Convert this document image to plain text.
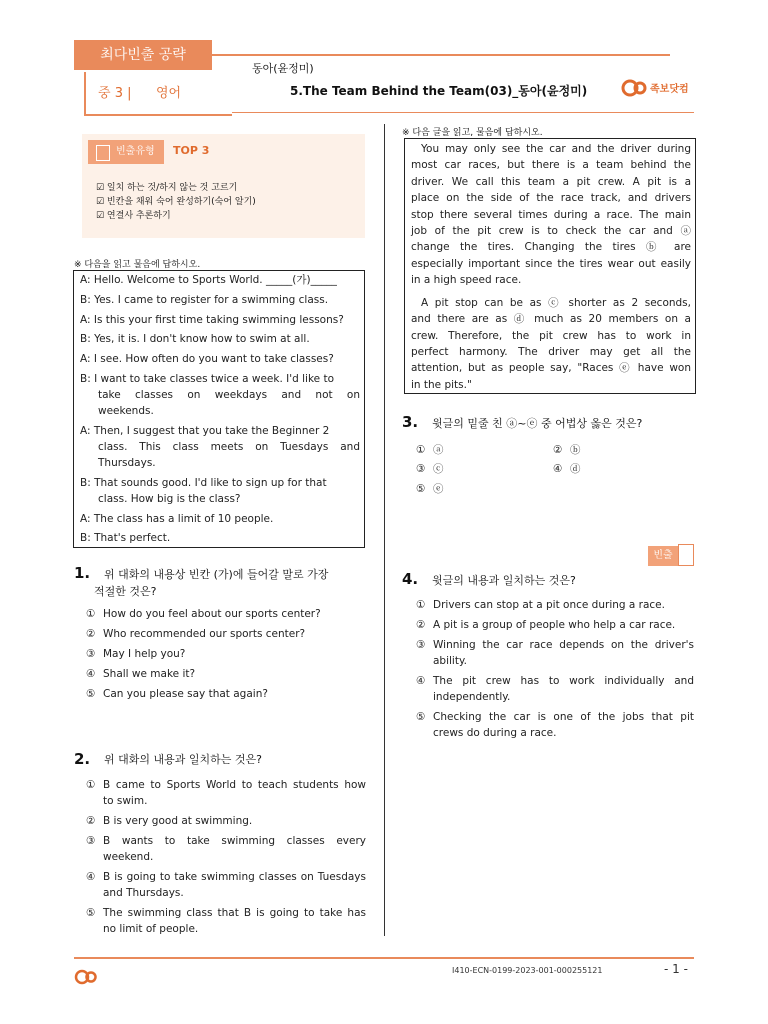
최다빈출 공략
중 3 | 영어
동아(윤정미)
5.The Team Behind the Team(03)_동아(윤정미)	족보닷컴
빈출유형 TOP 3
☑ 일치 하는 것/하지 않는 것 고르기
☑ 빈칸을 채워 숙어 완성하기(숙어 알기)
☑ 연결사 추론하기
※ 다음을 읽고 물음에 답하시오.
A: Hello. Welcome to Sports World. _____(가)_____
B: Yes. I came to register for a swimming class.
A: Is this your first time taking swimming lessons?
B: Yes, it is. I don't know how to swim at all.
A: I see. How often do you want to take classes?
B: I want to take classes twice a week. I'd like to
take classes on weekdays and not on
weekends.
A: Then, I suggest that you take the Beginner 2
class. This class meets on Tuesdays and
Thursdays.
B: That sounds good. I'd like to sign up for that
class. How big is the class?
A: The class has a limit of 10 people.
B: That's perfect.
1. 위 대화의 내용상 빈칸 (가)에 들어갈 말로 가장
적절한 것은?
① How do you feel about our sports center?
② Who recommended our sports center?
③ May I help you?
④ Shall we make it?
⑤ Can you please say that again?
2. 위 대화의 내용과 일치하는 것은?
① B came to Sports World to teach students how
to swim.
② B is very good at swimming.
③ B wants to take swimming classes every
weekend.
④ B is going to take swimming classes on Tuesdays
and Thursdays.
⑤ The swimming class that B is going to take has
no limit of people.
※ 다음 글을 읽고, 물음에 답하시오.
You may only see the car and the driver during
most car races, but there is a team behind the
driver. We call this team a pit crew. A pit is a
place on the side of the race track, and drivers
stop there several times during a race. The main
job of the pit crew is to check the car and ⓐ
change the tires. Changing the tires ⓑ are
especially important since the tires wear out easily
in a high speed race.
A pit stop can be as ⓒ shorter as 2 seconds,
and there are as ⓓ much as 20 members on a
crew. Therefore, the pit crew has to work in
perfect harmony. The driver may get all the
attention, but as people say, "Races ⓔ have won
in the pits."
3. 윗글의 밑줄 친 ⓐ~ⓔ 중 어법상 옳은 것은?
① ⓐ	② ⓑ
③ ⓒ	④ ⓓ
⑤ ⓔ
빈출
4. 윗글의 내용과 일치하는 것은?
① Drivers can stop at a pit once during a race.
② A pit is a group of people who help a car race.
③ Winning the car race depends on the driver's
ability.
④ The pit crew has to work individually and
independently.
⑤ Checking the car is one of the jobs that pit
crews do during a race.
I410-ECN-0199-2023-001-000255121	- 1 -
